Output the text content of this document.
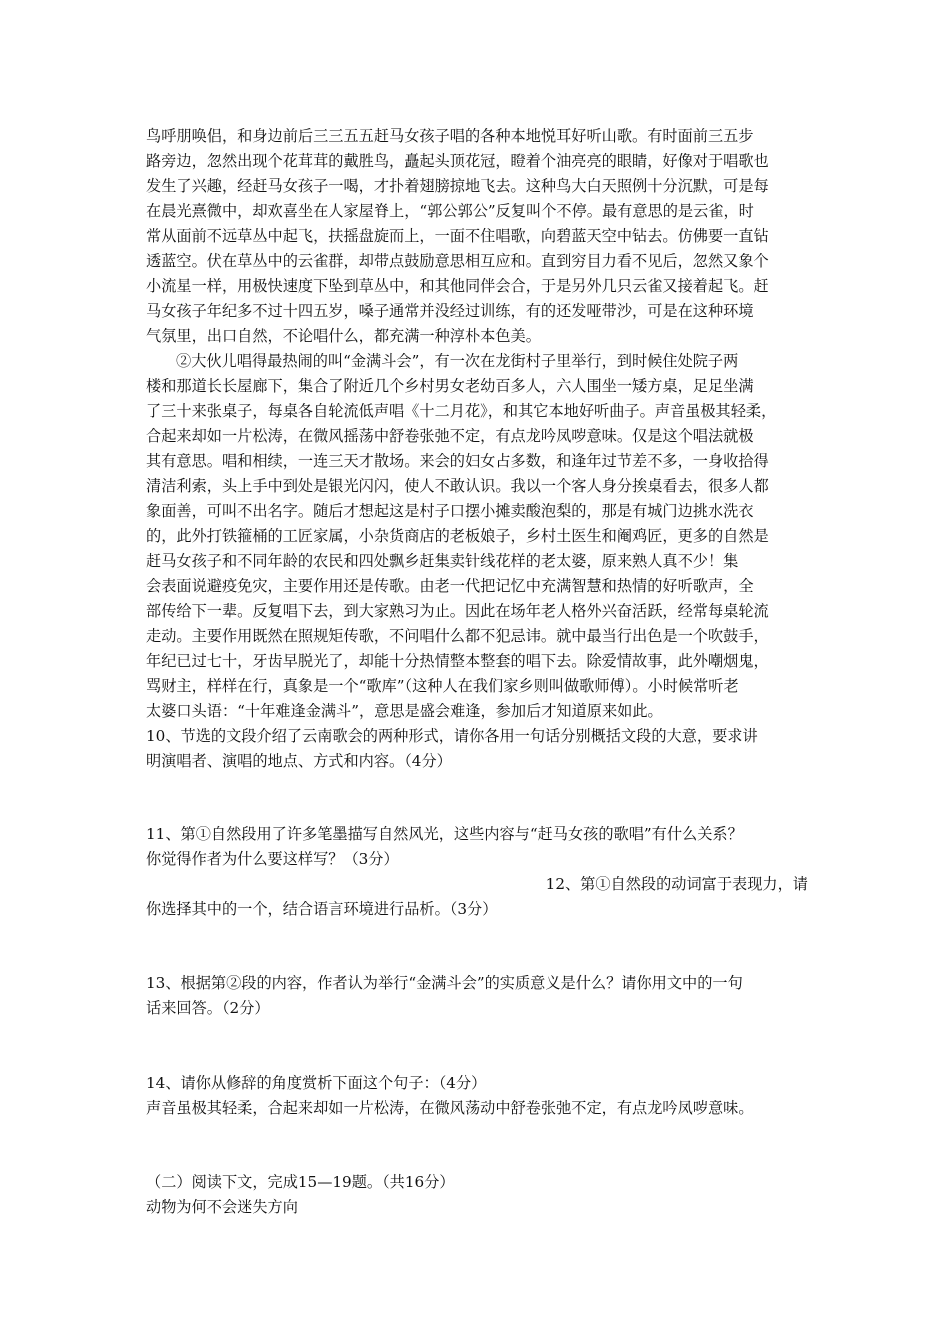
鸟呼朋唤侣，和身边前后三三五五赶马女孩子唱的各种本地悦耳好听山歌。有时面前三五步
路旁边，忽然出现个花茸茸的戴胜鸟，矗起头顶花冠，瞪着个油亮亮的眼睛，好像对于唱歌也
发生了兴趣，经赶马女孩子一喝，才扑着翅膀掠地飞去。这种鸟大白天照例十分沉默，可是每
在晨光熹微中，却欢喜坐在人家屋脊上，“郭公郭公”反复叫个不停。最有意思的是云雀，时
常从面前不远草丛中起飞，扶摇盘旋而上，一面不住唱歌，向碧蓝天空中钻去。仿佛要一直钻
透蓝空。伏在草丛中的云雀群，却带点鼓励意思相互应和。直到穷目力看不见后，忽然又象个
小流星一样，用极快速度下坠到草丛中，和其他同伴会合，于是另外几只云雀又接着起飞。赶
马女孩子年纪多不过十四五岁，嗓子通常并没经过训练，有的还发哑带沙，可是在这种环境
气氛里，出口自然，不论唱什么，都充满一种淳朴本色美。
②大伙儿唱得最热闹的叫“金满斗会”，有一次在龙街村子里举行，到时候住处院子两
楼和那道长长屋廊下，集合了附近几个乡村男女老幼百多人，六人围坐一矮方桌，足足坐满
了三十来张桌子，每桌各自轮流低声唱《十二月花》，和其它本地好听曲子。声音虽极其轻柔，
合起来却如一片松涛，在微风摇荡中舒卷张弛不定，有点龙吟凤哕意味。仅是这个唱法就极
其有意思。唱和相续，一连三天才散场。来会的妇女占多数，和逢年过节差不多，一身收拾得
清洁利索，头上手中到处是银光闪闪，使人不敢认识。我以一个客人身分挨桌看去，很多人都
象面善，可叫不出名字。随后才想起这是村子口摆小摊卖酸泡梨的，那是有城门边挑水洗衣
的，此外打铁箍桶的工匠家属，小杂货商店的老板娘子，乡村土医生和阉鸡匠，更多的自然是
赶马女孩子和不同年龄的农民和四处飘乡赶集卖针线花样的老太婆，原来熟人真不少！集
会表面说避疫免灾，主要作用还是传歌。由老一代把记忆中充满智慧和热情的好听歌声，全
部传给下一辈。反复唱下去，到大家熟习为止。因此在场年老人格外兴奋活跃，经常每桌轮流
走动。主要作用既然在照规矩传歌，不问唱什么都不犯忌讳。就中最当行出色是一个吹鼓手，
年纪已过七十，牙齿早脱光了，却能十分热情整本整套的唱下去。除爱情故事，此外嘲烟鬼，
骂财主，样样在行，真象是一个“歌库”（这种人在我们家乡则叫做歌师傅）。小时候常听老
太婆口头语：“十年难逢金满斗”，意思是盛会难逢，参加后才知道原来如此。
10、节选的文段介绍了云南歌会的两种形式，请你各用一句话分别概括文段的大意，要求讲
明演唱者、演唱的地点、方式和内容。（4分）
11、第①自然段用了许多笔墨描写自然风光，这些内容与“赶马女孩的歌唱”有什么关系？
你觉得作者为什么要这样写？（3分）
12、第①自然段的动词富于表现力，请
你选择其中的一个，结合语言环境进行品析。（3分）
13、根据第②段的内容，作者认为举行“金满斗会”的实质意义是什么？请你用文中的一句
话来回答。（2分）
14、请你从修辞的角度赏析下面这个句子：（4分）
声音虽极其轻柔，合起来却如一片松涛，在微风荡动中舒卷张弛不定，有点龙吟凤哕意味。
（二）阅读下文，完成15—19题。（共16分）
动物为何不会迷失方向
